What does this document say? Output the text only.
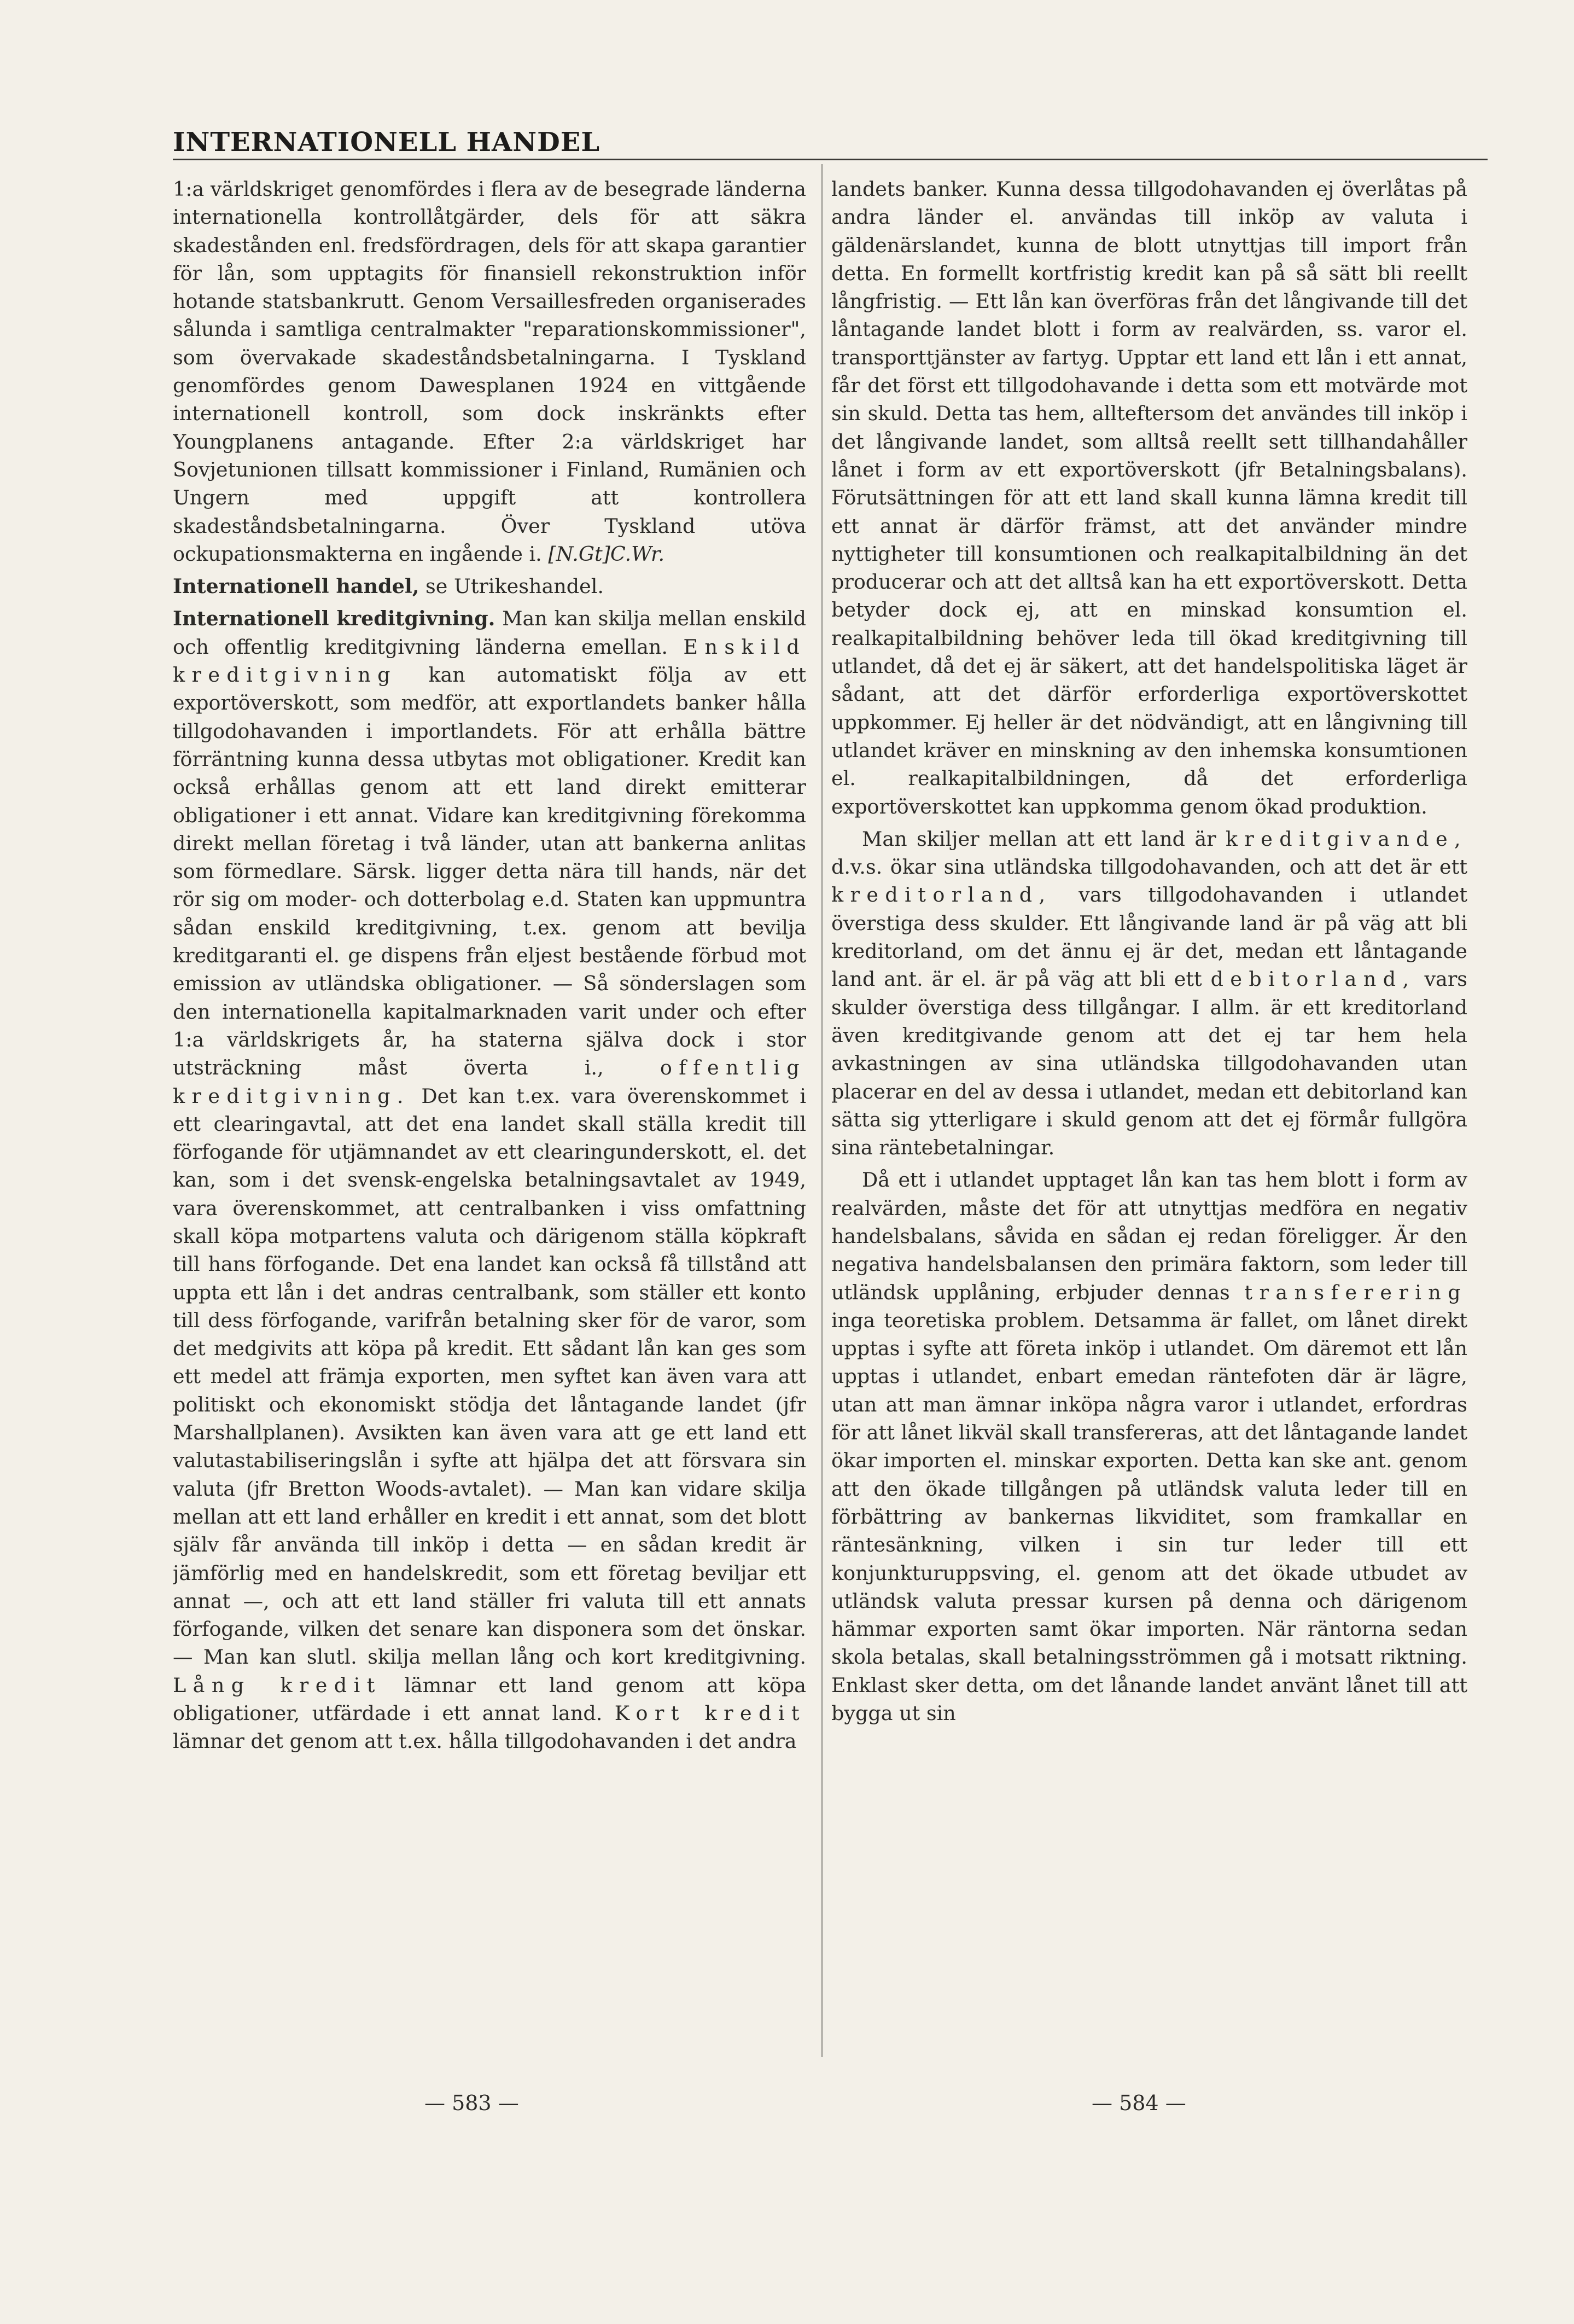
INTERNATIONELL HANDEL

1:a världskriget genomfördes i flera av de besegrade länderna internationella kontrollåtgärder, dels för att säkra skadestånden enl. fredsfördragen, dels för att skapa garantier för lån, som upptagits för finansiell rekonstruktion inför hotande statsbankrutt. Genom Versaillesfreden organiserades sålunda i samtliga centralmakter "reparationskommissioner", som övervakade skadeståndsbetalningarna. I Tyskland genomfördes genom Dawesplanen 1924 en vittgående internationell kontroll, som dock inskränkts efter Youngplanens antagande. Efter 2:a världskriget har Sovjetunionen tillsatt kommissioner i Finland, Rumänien och Ungern med uppgift att kontrollera skadeståndsbetalningarna. Över Tyskland utöva ockupationsmakterna en ingående i. [N.Gt]C.Wr.

Internationell handel, se Utrikeshandel.

Internationell kreditgivning. Man kan skilja mellan enskild och offentlig kreditgivning länderna emellan. Enskild kreditgivning kan automatiskt följa av ett exportöverskott, som medför, att exportlandets banker hålla tillgodohavanden i importlandets. För att erhålla bättre förräntning kunna dessa utbytas mot obligationer. Kredit kan också erhållas genom att ett land direkt emitterar obligationer i ett annat. Vidare kan kreditgivning förekomma direkt mellan företag i två länder, utan att bankerna anlitas som förmedlare. Särsk. ligger detta nära till hands, när det rör sig om moder- och dotterbolag e.d. Staten kan uppmuntra sådan enskild kreditgivning, t.ex. genom att bevilja kreditgaranti el. ge dispens från eljest bestående förbud mot emission av utländska obligationer. — Så sönderslagen som den internationella kapitalmarknaden varit under och efter 1:a världskrigets år, ha staterna själva dock i stor utsträckning måst överta i.,	offentlig kreditgivning. Det kan t.ex. vara överenskommet i ett clearingavtal, att det ena landet skall ställa kredit till förfogande för utjämnandet av ett clearingunderskott, el. det kan, som i det svensk-engelska betalningsavtalet av 1949, vara överenskommet, att centralbanken i viss omfattning skall köpa motpartens valuta och därigenom ställa köpkraft till hans förfogande. Det ena landet kan också få tillstånd att uppta ett lån i det andras centralbank, som ställer ett konto till dess förfogande, varifrån betalning sker för de varor, som det medgivits att köpa på kredit. Ett sådant lån kan ges som ett medel att främja exporten, men syftet kan även vara att politiskt och ekonomiskt stödja det låntagande landet (jfr Marshallplanen). Avsikten kan även vara att ge ett land ett valutastabiliseringslån i syfte att hjälpa det att försvara sin valuta (jfr Bretton Woods-avtalet). — Man kan vidare skilja mellan att ett land erhåller en kredit i ett annat, som det blott själv får använda till inköp i detta — en sådan kredit är jämförlig med en handelskredit, som ett företag beviljar ett annat —, och att ett land ställer fri valuta till ett annats förfogande, vilken det senare kan disponera som det önskar. — Man kan slutl. skilja mellan lång och kort kreditgivning. Lång kredit lämnar ett land genom att köpa obligationer, utfärdade i ett annat land. Kort kredit lämnar det genom att t.ex. hålla tillgodohavanden i det andra

landets banker. Kunna dessa tillgodohavanden ej överlåtas på andra länder el. användas till inköp av valuta i gäldenärslandet, kunna de blott utnyttjas till import från detta. En formellt kortfristig kredit kan på så sätt bli reellt långfristig. — Ett lån kan överföras från det långivande till det låntagande landet blott i form av realvärden, ss. varor el. transporttjänster av fartyg. Upptar ett land ett lån i ett annat, får det först ett tillgodohavande i detta som ett motvärde mot sin skuld. Detta tas hem, allteftersom det användes till inköp i det långivande landet, som alltså reellt sett tillhandahåller lånet i form av ett exportöverskott (jfr Betalningsbalans). Förutsättningen för att ett land skall kunna lämna kredit till ett annat är därför främst, att det använder mindre nyttigheter till konsumtionen och realkapitalbildning än det producerar och att det alltså kan ha ett exportöverskott. Detta betyder dock ej, att en minskad konsumtion el. realkapitalbildning behöver leda till ökad kreditgivning till utlandet, då det ej är säkert, att det handelspolitiska läget är sådant, att det därför erforderliga exportöverskottet uppkommer. Ej heller är det nödvändigt, att en långivning till utlandet kräver en minskning av den inhemska konsumtionen el. realkapitalbildningen, då det erforderliga exportöverskottet kan uppkomma genom ökad produktion.

Man skiljer mellan att ett land är kreditgivande, d.v.s. ökar sina utländska tillgodohavanden, och att det är ett kreditorland, vars tillgodohavanden i utlandet överstiga dess skulder. Ett långivande land är på väg att bli kreditorland, om det ännu ej är det, medan ett låntagande land ant. är el. är på väg att bli ett debitorland, vars skulder överstiga dess tillgångar. I allm. är ett kreditorland även kreditgivande genom att det ej tar hem hela avkastningen av sina utländska tillgodohavanden utan placerar en del av dessa i utlandet, medan ett debitorland kan sätta sig ytterligare i skuld genom att det ej förmår fullgöra sina räntebetalningar.

Då ett i utlandet upptaget lån kan tas hem blott i form av realvärden, måste det för att utnyttjas medföra en negativ handelsbalans, såvida en sådan ej redan föreligger. Är den negativa handelsbalansen den primära faktorn, som leder till utländsk upplåning, erbjuder dennas transferering inga teoretiska problem. Detsamma är fallet, om lånet direkt upptas i syfte att företa inköp i utlandet. Om däremot ett lån upptas i utlandet, enbart emedan räntefoten där är lägre, utan att man ämnar inköpa några varor i utlandet, erfordras för att lånet likväl skall transfereras, att det låntagande landet ökar importen el. minskar exporten. Detta kan ske ant. genom att den ökade tillgången på utländsk valuta leder till en förbättring av bankernas likviditet, som framkallar en räntesänkning, vilken i sin tur leder till ett konjunkturuppsving, el. genom att det ökade utbudet av utländsk valuta pressar kursen på denna och därigenom hämmar exporten samt ökar importen. När räntorna sedan skola betalas, skall betalningsströmmen gå i motsatt riktning. Enklast sker detta, om det lånande landet använt lånet till att bygga ut sin

— 583 —	— 584 —
